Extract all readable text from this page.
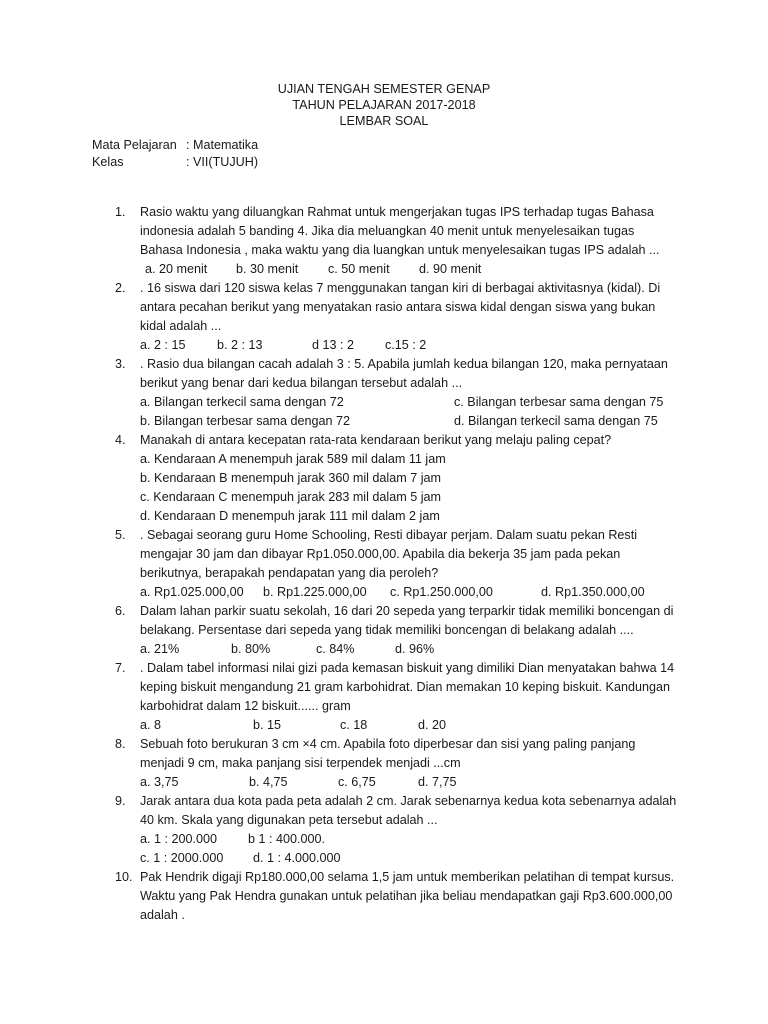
UJIAN TENGAH SEMESTER GENAP
TAHUN PELAJARAN 2017-2018
LEMBAR SOAL
Mata Pelajaran : Matematika
Kelas	: VII(TUJUH)
1.	Rasio waktu yang diluangkan Rahmat untuk mengerjakan tugas IPS terhadap tugas Bahasa indonesia adalah 5 banding 4. Jika dia meluangkan 40 menit untuk menyelesaikan tugas Bahasa Indonesia , maka waktu yang dia luangkan untuk menyelesaikan tugas IPS adalah ...
a. 20 menit b. 30 menit c. 50 menit d. 90 menit
2.	. 16 siswa dari 120 siswa kelas 7 menggunakan tangan kiri di berbagai aktivitasnya (kidal). Di antara pecahan berikut yang menyatakan rasio antara siswa kidal dengan siswa yang bukan kidal adalah ...
a. 2 : 15 b. 2 : 13	d 13 : 2 c.15 : 2
3.	. Rasio dua bilangan cacah adalah 3 : 5. Apabila jumlah kedua bilangan 120, maka pernyataan berikut yang benar dari kedua bilangan tersebut adalah ...
a. Bilangan terkecil sama dengan 72	c. Bilangan terbesar sama dengan 75
b. Bilangan terbesar sama dengan 72	d. Bilangan terkecil sama dengan 75
4.	Manakah di antara kecepatan rata-rata kendaraan berikut yang melaju paling cepat?
a. Kendaraan A menempuh jarak 589 mil dalam 11 jam
b. Kendaraan B menempuh jarak 360 mil dalam 7 jam
c. Kendaraan C menempuh jarak 283 mil dalam 5 jam
d. Kendaraan D menempuh jarak 111 mil dalam 2 jam
5.	. Sebagai seorang guru Home Schooling, Resti dibayar perjam. Dalam suatu pekan Resti mengajar 30 jam dan dibayar Rp1.050.000,00. Apabila dia bekerja 35 jam pada pekan berikutnya, berapakah pendapatan yang dia peroleh?
a. Rp1.025.000,00 b. Rp1.225.000,00 c. Rp1.250.000,00	d. Rp1.350.000,00
6.	Dalam lahan parkir suatu sekolah, 16 dari 20 sepeda yang terparkir tidak memiliki boncengan di belakang. Persentase dari sepeda yang tidak memiliki boncengan di belakang adalah ....
a. 21%	b. 80%	c. 84%	d. 96%
7.	. Dalam tabel informasi nilai gizi pada kemasan biskuit yang dimiliki Dian menyatakan bahwa 14 keping biskuit mengandung 21 gram karbohidrat. Dian memakan 10 keping biskuit. Kandungan karbohidrat dalam 12 biskuit...... gram
a. 8	b. 15	c. 18	d. 20
8.	Sebuah foto berukuran 3 cm ×4 cm. Apabila foto diperbesar dan sisi yang paling panjang menjadi 9 cm, maka panjang sisi terpendek menjadi ...cm
a. 3,75	b. 4,75	c. 6,75	d. 7,75
9.	Jarak antara dua kota pada peta adalah 2 cm. Jarak sebenarnya kedua kota sebenarnya adalah 40 km. Skala yang digunakan peta tersebut adalah ...
a. 1 : 200.000 b 1 : 400.000.
c. 1 : 2000.000 d. 1 : 4.000.000
10. Pak Hendrik digaji Rp180.000,00 selama 1,5 jam untuk memberikan pelatihan di tempat kursus. Waktu yang Pak Hendra gunakan untuk pelatihan jika beliau mendapatkan gaji Rp3.600.000,00 adalah .
